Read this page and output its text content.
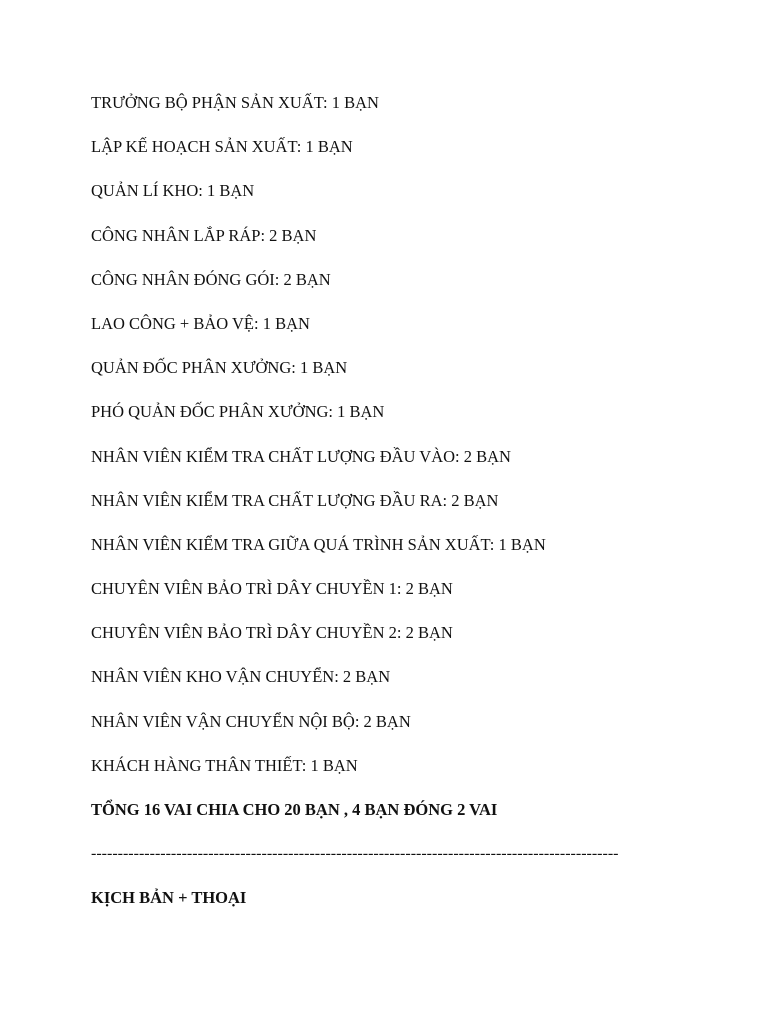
TRƯỞNG BỘ PHẬN SẢN XUẤT: 1 BẠN
LẬP KẾ HOẠCH SẢN XUẤT: 1 BẠN
QUẢN LÍ KHO: 1 BẠN
CÔNG NHÂN LẮP RÁP: 2 BẠN
CÔNG NHÂN ĐÓNG GÓI: 2 BẠN
LAO CÔNG + BẢO VỆ: 1 BẠN
QUẢN ĐỐC PHÂN XƯỞNG: 1 BẠN
PHÓ QUẢN ĐỐC PHÂN XƯỞNG: 1 BẠN
NHÂN VIÊN KIỂM TRA CHẤT LƯỢNG ĐẦU VÀO: 2 BẠN
NHÂN VIÊN KIỂM TRA CHẤT LƯỢNG ĐẦU RA: 2 BẠN
NHÂN VIÊN KIỂM TRA GIỮA QUÁ TRÌNH SẢN XUẤT: 1 BẠN
CHUYÊN VIÊN BẢO TRÌ DÂY CHUYỀN 1: 2 BẠN
CHUYÊN VIÊN BẢO TRÌ DÂY CHUYỀN 2: 2 BẠN
NHÂN VIÊN KHO VẬN CHUYỂN: 2 BẠN
NHÂN VIÊN VẬN CHUYỂN NỘI BỘ: 2 BẠN
KHÁCH HÀNG THÂN THIẾT: 1 BẠN
TỔNG 16 VAI CHIA CHO 20 BẠN , 4 BẠN ĐÓNG 2 VAI
---------------------------------------------------------------------------------------------------
KỊCH BẢN + THOẠI
